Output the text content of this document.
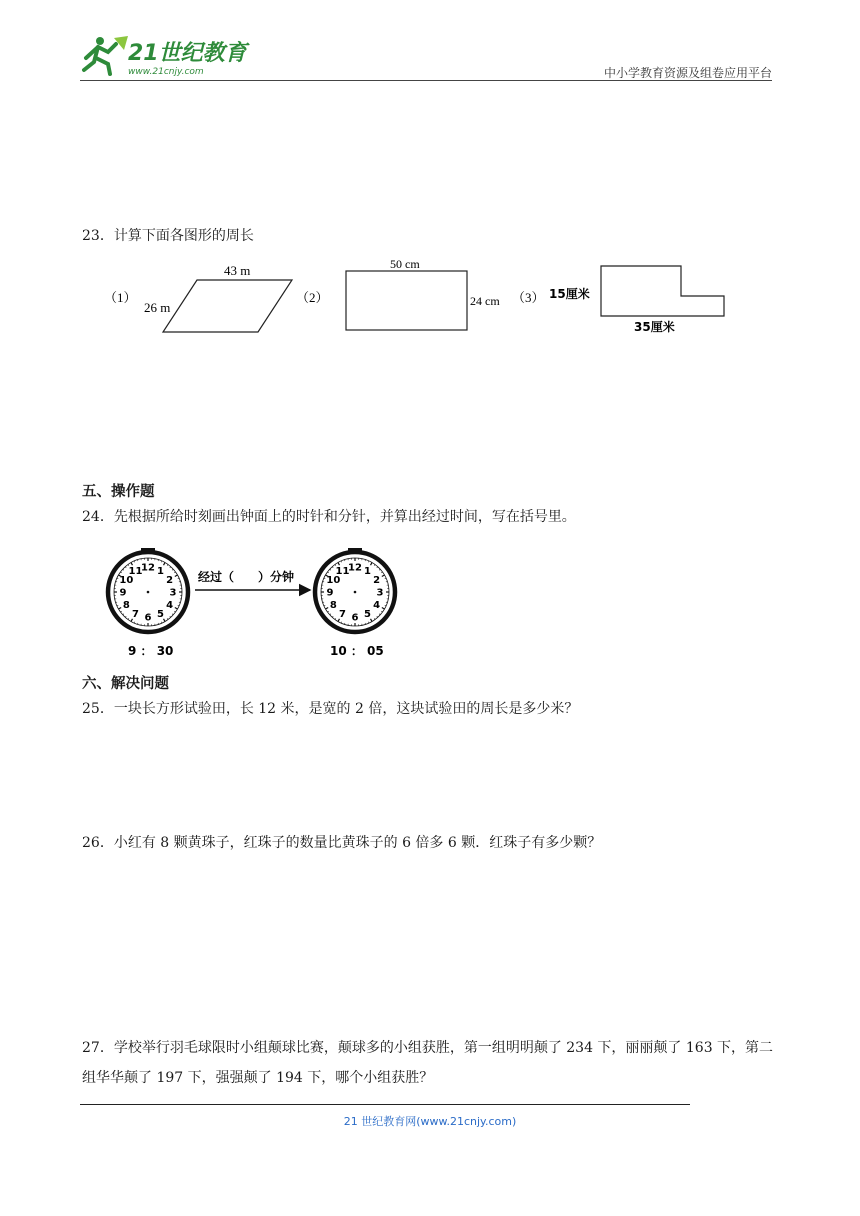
21世纪教育
www.21cnjy.com	中小学教育资源及组卷应用平台
23．计算下面各图形的周长
（1）
43 m
26 m
（2）
50 cm
24 cm （3） 15厘米
35厘米
五、操作题
24．先根据所给时刻画出钟面上的时针和分针，并算出经过时间，写在括号里。
12 1
2
3
4
5
6
7
8
9
10
11	12 1
2
3
4
5
6
7
8
9
10
11
经过（　　）分钟
9 ： 30	10 ： 05
六、解决问题
25．一块长方形试验田，长 12 米，是宽的 2 倍，这块试验田的周长是多少米？
26．小红有 8 颗黄珠子，红珠子的数量比黄珠子的 6 倍多 6 颗．红珠子有多少颗？
27．学校举行羽毛球限时小组颠球比赛，颠球多的小组获胜，第一组明明颠了 234 下，丽丽颠了 163 下，第二组华华颠了 197 下，强强颠了 194 下，哪个小组获胜？
21 世纪教育网(www.21cnjy.com)
